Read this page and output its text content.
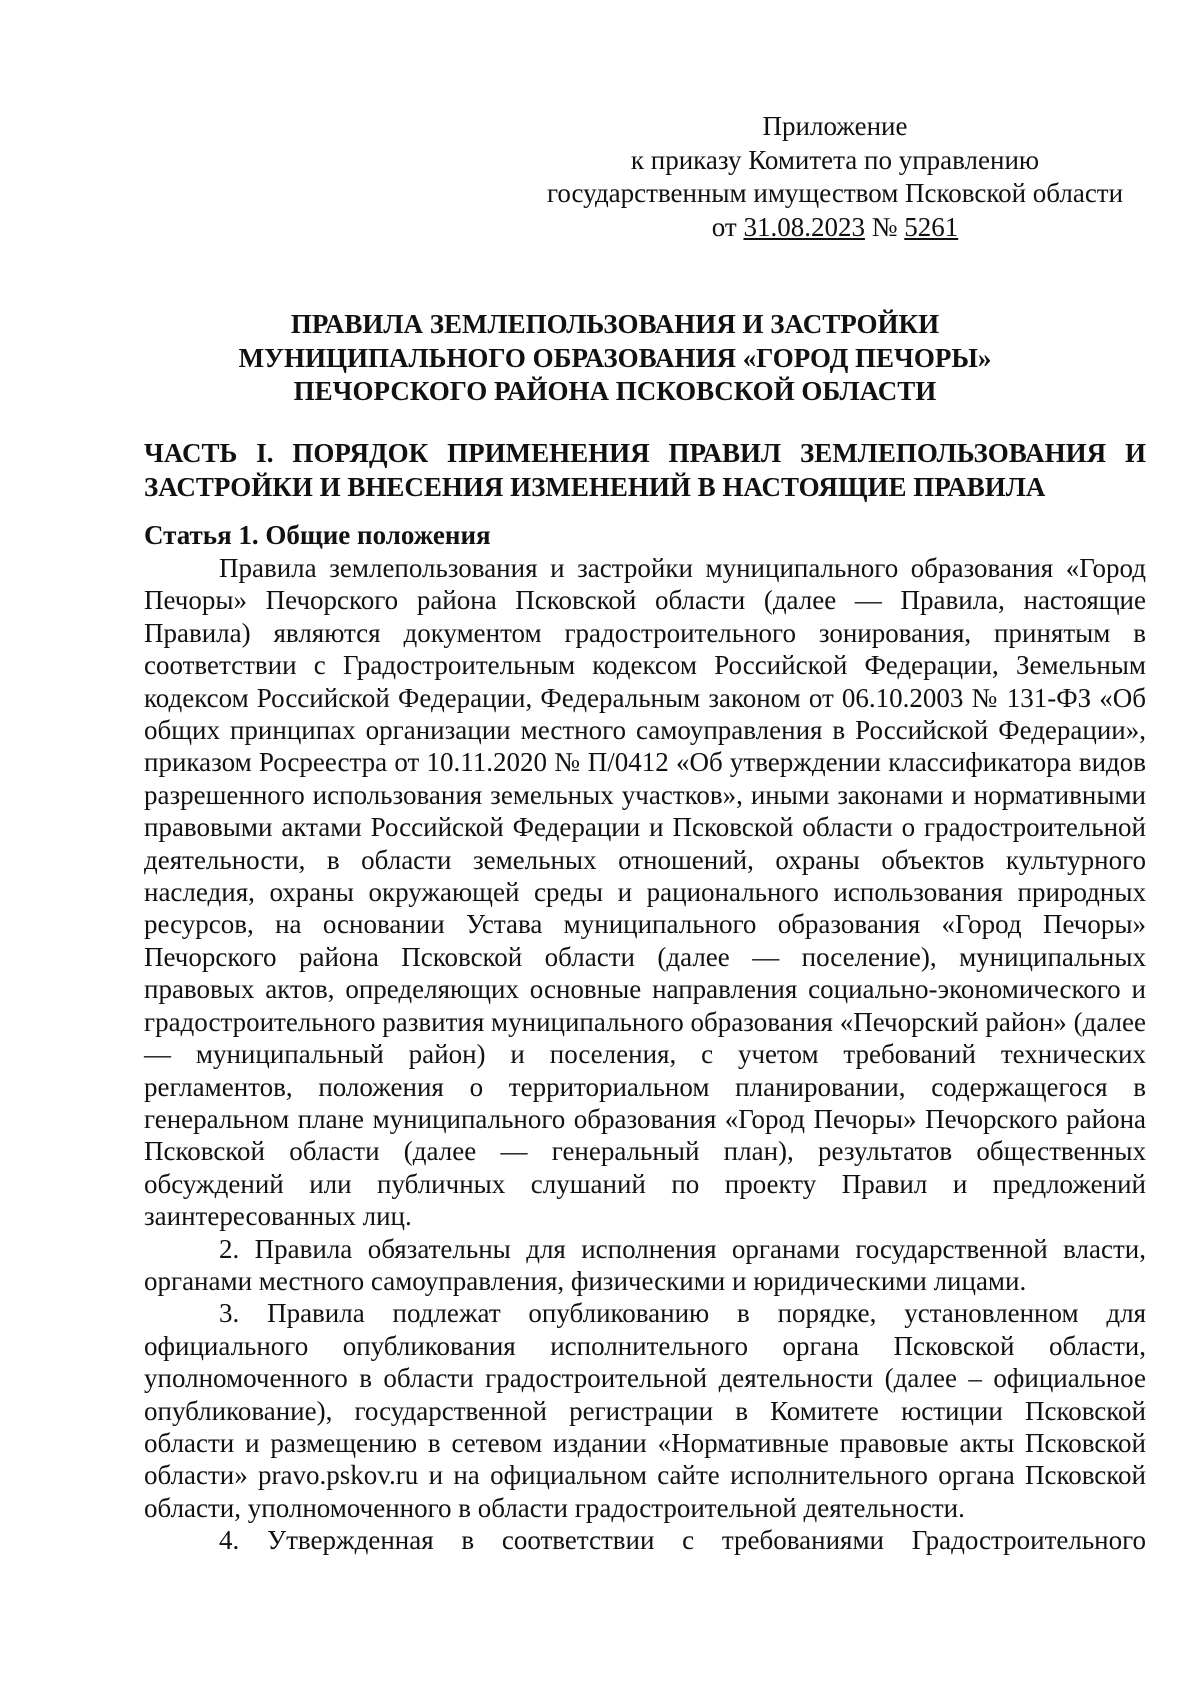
Приложение
к приказу Комитета по управлению
государственным имуществом Псковской области
от 31.08.2023 № 5261
ПРАВИЛА ЗЕМЛЕПОЛЬЗОВАНИЯ И ЗАСТРОЙКИ
МУНИЦИПАЛЬНОГО ОБРАЗОВАНИЯ «ГОРОД ПЕЧОРЫ»
ПЕЧОРСКОГО РАЙОНА ПСКОВСКОЙ ОБЛАСТИ
ЧАСТЬ I. ПОРЯДОК ПРИМЕНЕНИЯ ПРАВИЛ ЗЕМЛЕПОЛЬЗОВАНИЯ И ЗАСТРОЙКИ И ВНЕСЕНИЯ ИЗМЕНЕНИЙ В НАСТОЯЩИЕ ПРАВИЛА
Статья 1. Общие положения

Правила землепользования и застройки муниципального образования «Город Печоры» Печорского района Псковской области (далее — Правила, настоящие Правила) являются документом градостроительного зонирования, принятым в соответствии с Градостроительным кодексом Российской Федерации, Земельным кодексом Российской Федерации, Федеральным законом от 06.10.2003 № 131-ФЗ «Об общих принципах организации местного самоуправления в Российской Федерации», приказом Росреестра от 10.11.2020 № П/0412 «Об утверждении классификатора видов разрешенного использования земельных участков», иными законами и нормативными правовыми актами Российской Федерации и Псковской области о градостроительной деятельности, в области земельных отношений, охраны объектов культурного наследия, охраны окружающей среды и рационального использования природных ресурсов, на основании Устава муниципального образования «Город Печоры» Печорского района Псковской области (далее — поселение), муниципальных правовых актов, определяющих основные направления социально-экономического и градостроительного развития муниципального образования «Печорский район» (далее — муниципальный район) и поселения, с учетом требований технических регламентов, положения о территориальном планировании, содержащегося в генеральном плане муниципального образования «Город Печоры» Печорского района Псковской области (далее — генеральный план), результатов общественных обсуждений или публичных слушаний по проекту Правил и предложений заинтересованных лиц.

2. Правила обязательны для исполнения органами государственной власти, органами местного самоуправления, физическими и юридическими лицами.

3. Правила подлежат опубликованию в порядке, установленном для официального опубликования исполнительного органа Псковской области, уполномоченного в области градостроительной деятельности (далее – официальное опубликование), государственной регистрации в Комитете юстиции Псковской области и размещению в сетевом издании «Нормативные правовые акты Псковской области» pravo.pskov.ru и на официальном сайте исполнительного органа Псковской области, уполномоченного в области градостроительной деятельности.

4. Утвержденная в соответствии с требованиями Градостроительного
